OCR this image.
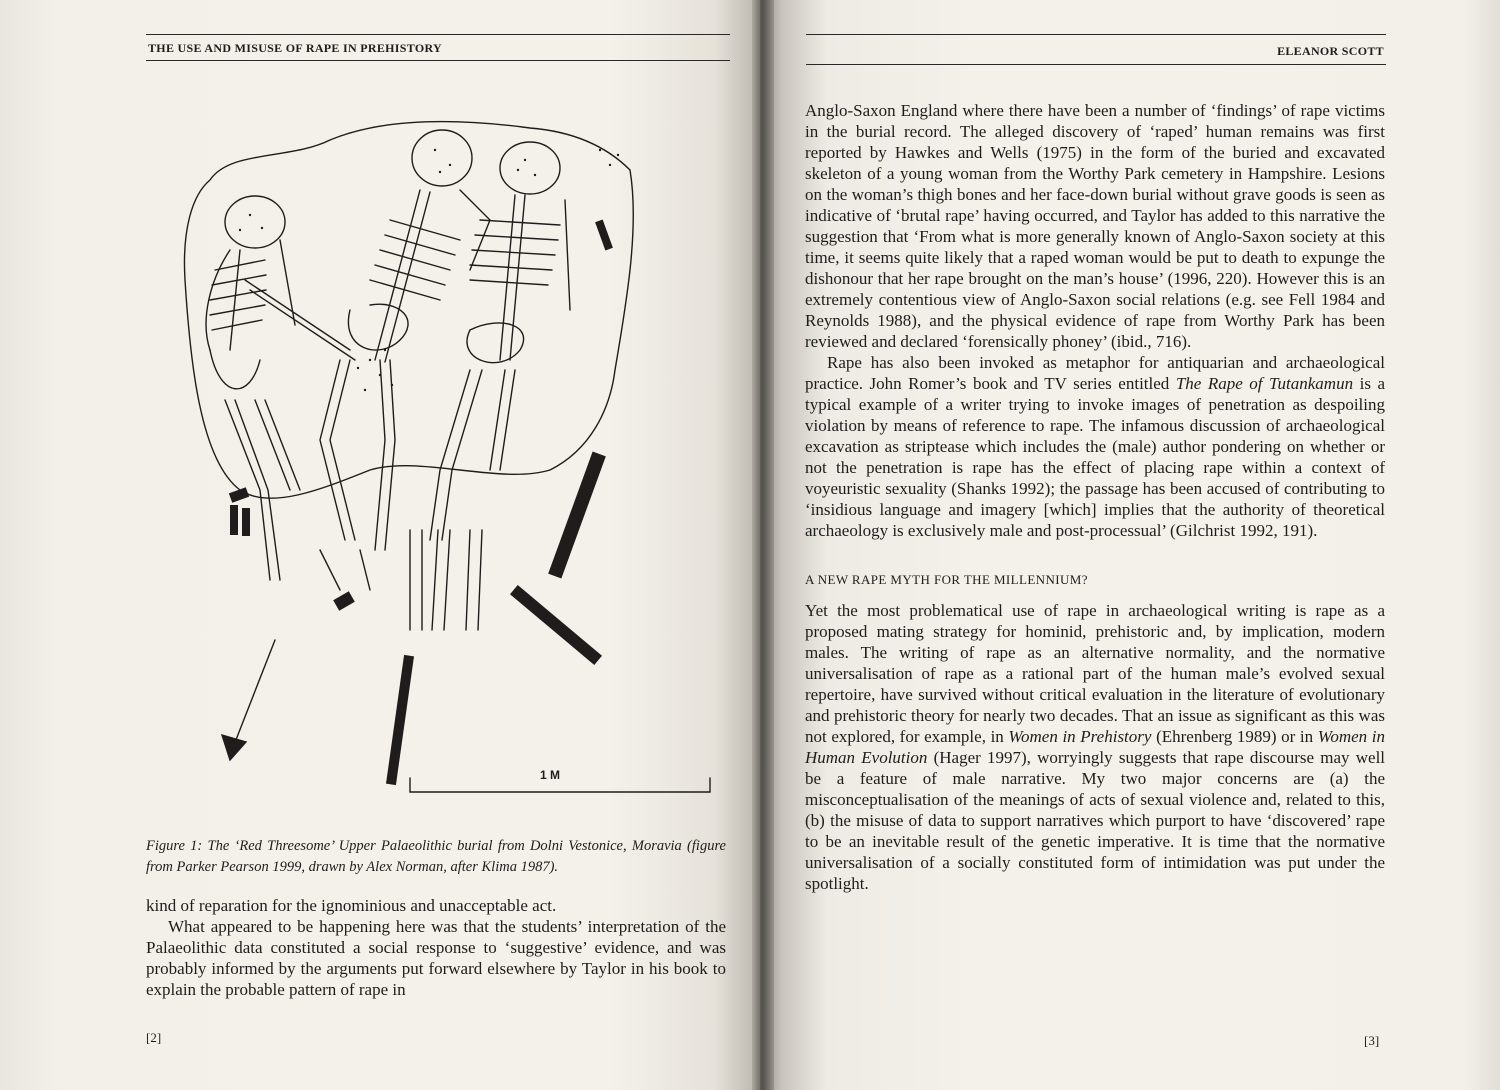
THE USE AND MISUSE OF RAPE IN PREHISTORY
1 M
Figure 1: The ‘Red Threesome’ Upper Palaeolithic burial from Dolni Vestonice, Moravia (figure from Parker Pearson 1999, drawn by Alex Norman, after Klima 1987).

kind of reparation for the ignominious and unacceptable act.

What appeared to be happening here was that the students’ interpretation of the Palaeolithic data constituted a social response to ‘suggestive’ evidence, and was probably informed by the arguments put forward elsewhere by Taylor in his book to explain the probable pattern of rape in

[2]
ELEANOR SCOTT

Anglo-Saxon England where there have been a number of ‘findings’ of rape victims in the burial record. The alleged discovery of ‘raped’ human remains was first reported by Hawkes and Wells (1975) in the form of the buried and excavated skeleton of a young woman from the Worthy Park cemetery in Hampshire. Lesions on the woman’s thigh bones and her face-down burial without grave goods is seen as indicative of ‘brutal rape’ having occurred, and Taylor has added to this narrative the suggestion that ‘From what is more generally known of Anglo-Saxon society at this time, it seems quite likely that a raped woman would be put to death to expunge the dishonour that her rape brought on the man’s house’ (1996, 220). However this is an extremely contentious view of Anglo-Saxon social relations (e.g. see Fell 1984 and Reynolds 1988), and the physical evidence of rape from Worthy Park has been reviewed and declared ‘forensically phoney’ (ibid., 716).

Rape has also been invoked as metaphor for antiquarian and archaeological practice. John Romer’s book and TV series entitled The Rape of Tutankamun is a typical example of a writer trying to invoke images of penetration as despoiling violation by means of reference to rape. The infamous discussion of archaeological excavation as striptease which includes the (male) author pondering on whether or not the penetration is rape has the effect of placing rape within a context of voyeuristic sexuality (Shanks 1992); the passage has been accused of contributing to ‘insidious language and imagery [which] implies that the authority of theoretical archaeology is exclusively male and post-processual’ (Gilchrist 1992, 191).

A NEW RAPE MYTH FOR THE MILLENNIUM?

Yet the most problematical use of rape in archaeological writing is rape as a proposed mating strategy for hominid, prehistoric and, by implication, modern males. The writing of rape as an alternative normality, and the normative universalisation of rape as a rational part of the human male’s evolved sexual repertoire, have survived without critical evaluation in the literature of evolutionary and prehistoric theory for nearly two decades. That an issue as significant as this was not explored, for example, in Women in Prehistory (Ehrenberg 1989) or in Women in Human Evolution (Hager 1997), worryingly suggests that rape discourse may well be a feature of male narrative. My two major concerns are (a) the misconceptualisation of the meanings of acts of sexual violence and, related to this, (b) the misuse of data to support narratives which purport to have ‘discovered’ rape to be an inevitable result of the genetic imperative. It is time that the normative universalisation of a socially constituted form of intimidation was put under the spotlight.

[3]
